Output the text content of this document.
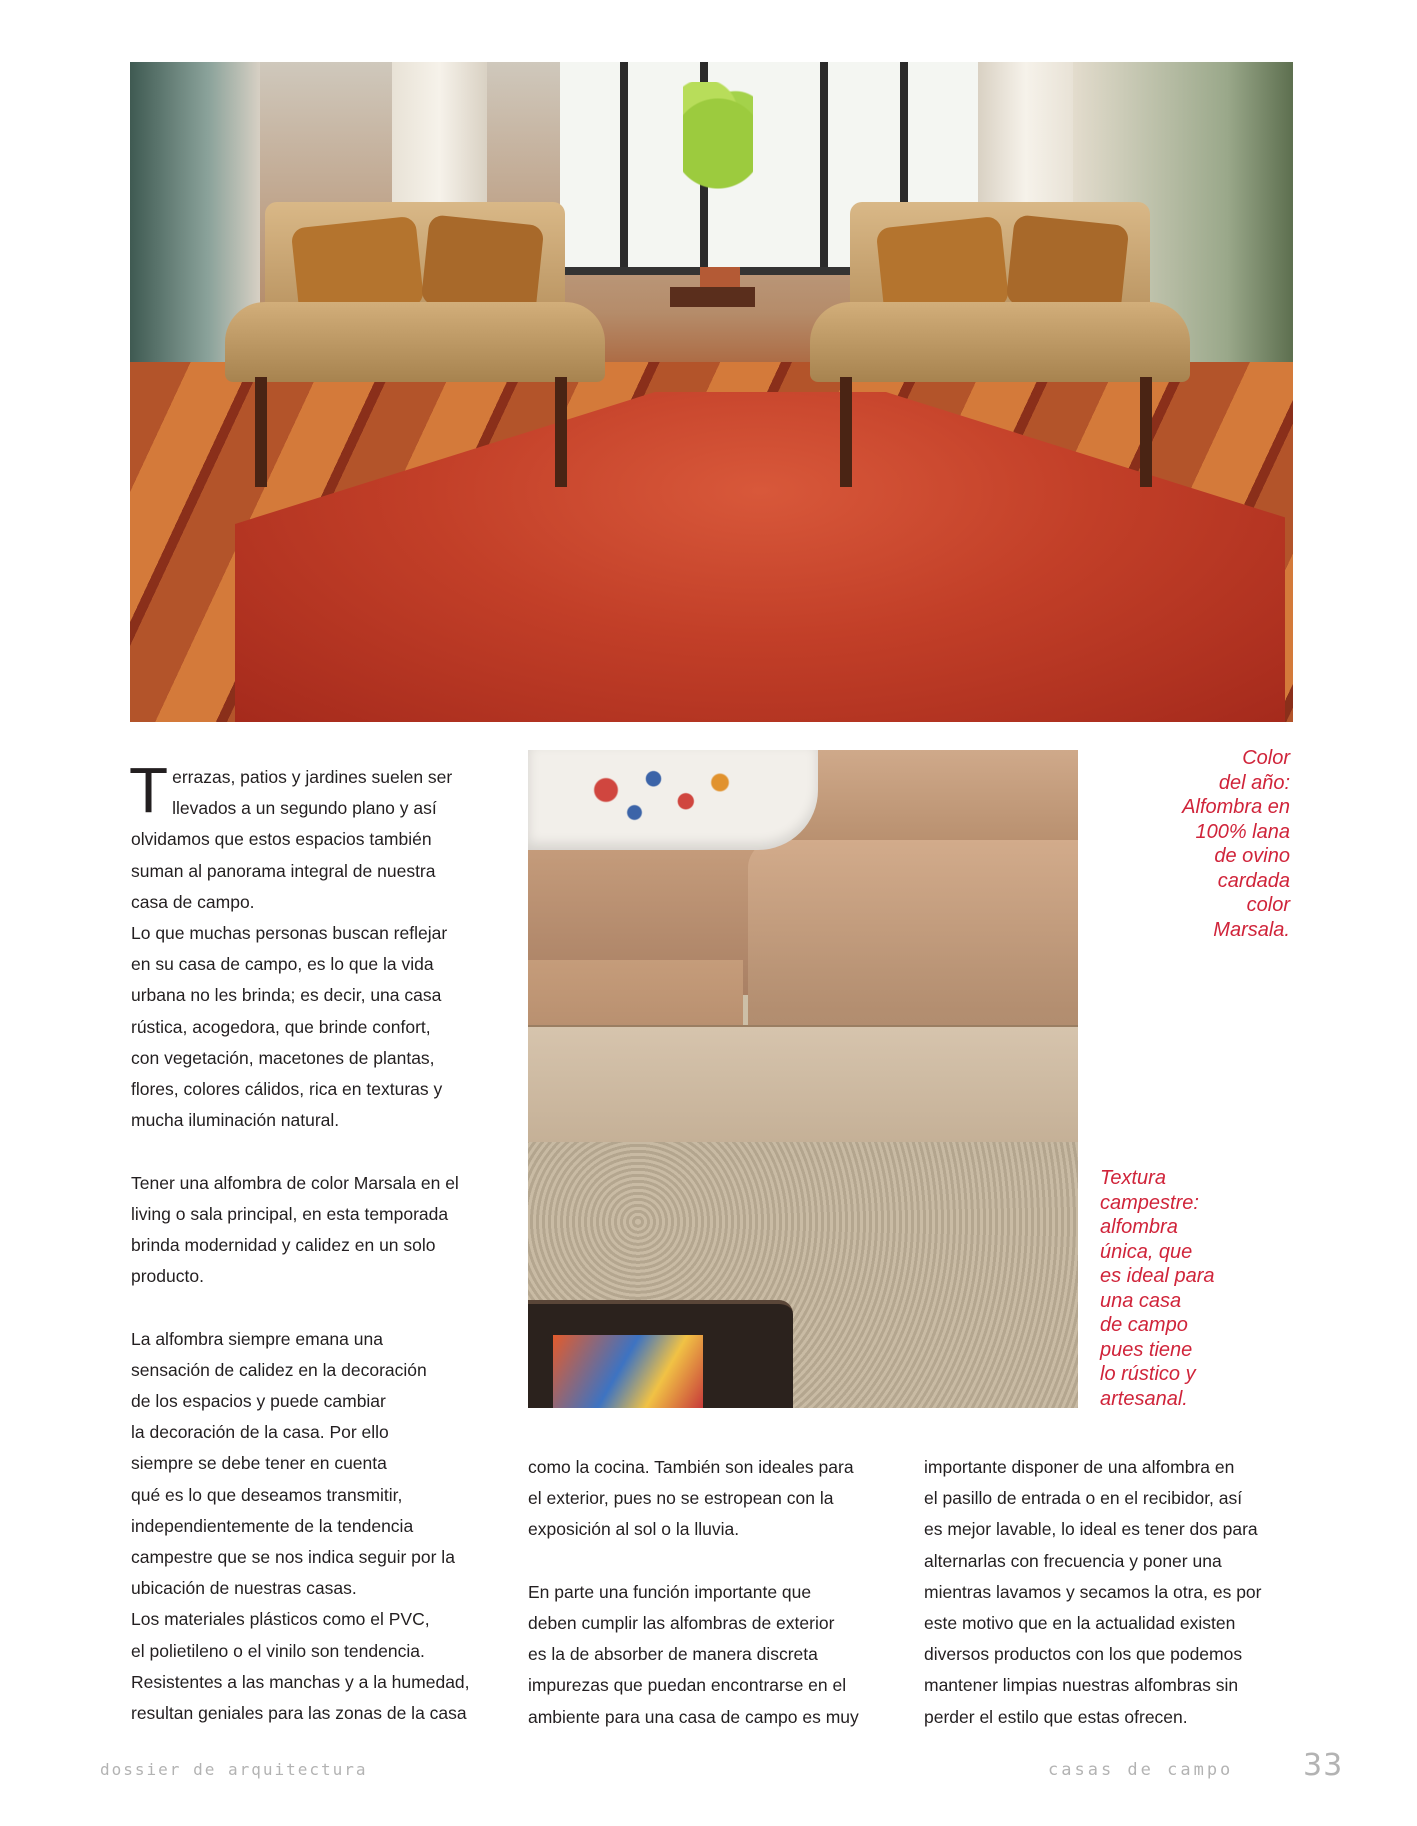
T errazas, patios y jardines suelen ser

llevados a un segundo plano y así

olvidamos que estos espacios también

suman al panorama integral de nuestra

casa de campo.

Lo que muchas personas buscan reflejar

en su casa de campo, es lo que la vida

urbana no les brinda; es decir, una casa

rústica, acogedora, que brinde confort,

con vegetación, macetones de plantas,

flores, colores cálidos, rica en texturas y

mucha iluminación natural.

Tener una alfombra de color Marsala en el

living o sala principal, en esta temporada

brinda modernidad y calidez en un solo

producto.

La alfombra siempre emana una

sensación de calidez en la decoración

de los espacios y puede cambiar

la decoración de la casa. Por ello

siempre se debe tener en cuenta

qué es lo que deseamos transmitir,

independientemente de la tendencia

campestre que se nos indica seguir por la

ubicación de nuestras casas.

Los materiales plásticos como el PVC,

el polietileno o el vinilo son tendencia.

Resistentes a las manchas y a la humedad,

resultan geniales para las zonas de la casa

como la cocina. También son ideales para

el exterior, pues no se estropean con la

exposición al sol o la lluvia.

En parte una función importante que

deben cumplir las alfombras de exterior

es la de absorber de manera discreta

impurezas que puedan encontrarse en el

ambiente para una casa de campo es muy

importante disponer de una alfombra en

el pasillo de entrada o en el recibidor, así

es mejor lavable, lo ideal es tener dos para

alternarlas con frecuencia y poner una

mientras lavamos y secamos la otra, es por

este motivo que en la actualidad existen

diversos productos con los que podemos

mantener limpias nuestras alfombras sin

perder el estilo que estas ofrecen.

Color
del año:
Alfombra en
100% lana
de ovino
cardada
color
Marsala.
Textura
campestre:
alfombra
única, que
es ideal para
una casa
de campo
pues tiene
lo rústico y
artesanal.
dossier de arquitectura	casas de campo 33
